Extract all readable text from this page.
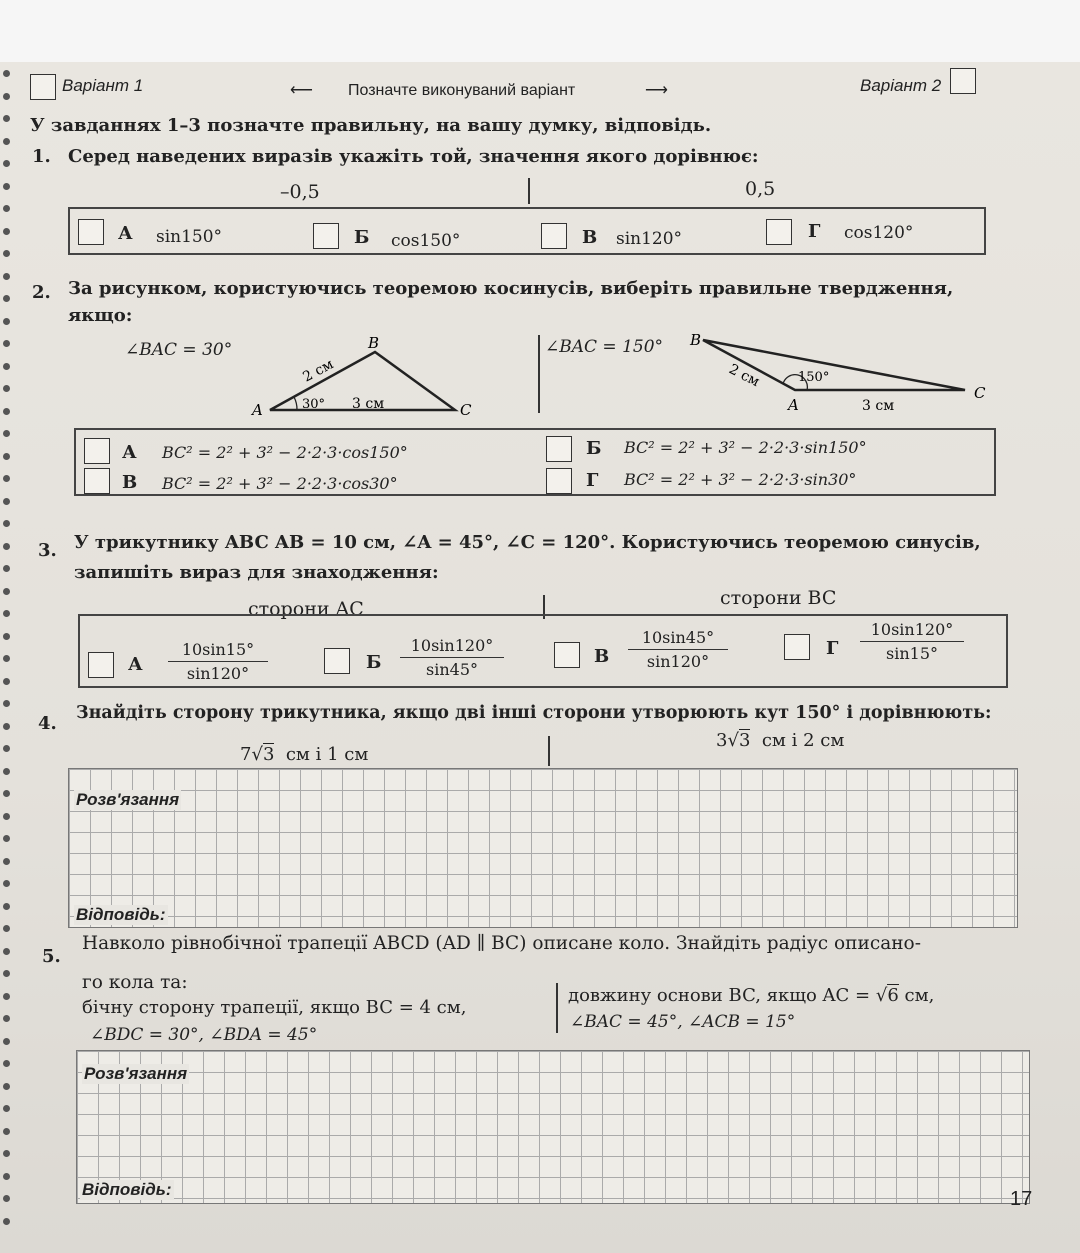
Варіант 1	⟵ Позначте виконуваний варіант	⟶	Варіант 2
У завданнях 1–3 позначте правильну, на вашу думку, відповідь.
1. Серед наведених виразів укажіть той, значення якого дорівнює:
–0,5	0,5
А sin150°	Б cos150°	В sin120°	Г cos120°
2. За рисунком, користуючись теоремою косинусів, виберіть правильне твердження,
якщо:
∠BAC = 30°	∠BAC = 150°
A
B
C
2 см
3 см
30°
B
A
C
2 см
3 см
150°
А BC² = 2² + 3² − 2·2·3·cos150°	Б BC² = 2² + 3² − 2·2·3·sin150°
В BC² = 2² + 3² − 2·2·3·cos30°	Г BC² = 2² + 3² − 2·2·3·sin30°
3. У трикутнику ABC AB = 10 см, ∠A = 45°, ∠C = 120°. Користуючись теоремою синусів,
запишіть вираз для знаходження:
сторони AC	сторони BC
А $\frac{10\sin 15^\circ}{\sin 120^\circ}$	Б $\frac{10\sin 120^\circ}{\sin 45^\circ}$	В $\frac{10\sin 45^\circ}{\sin 120^\circ}$	Г $\frac{10\sin 120^\circ}{\sin 15^\circ}$
4. Знайдіть сторону трикутника, якщо дві інші сторони утворюють кут 150° і дорівнюють:
7√3 см і 1 см
3√3 см і 2 см
Розв'язання
Відповідь:
5.
Навколо рівнобічної трапеції ABCD (AD ∥ BC) описане коло. Знайдіть радіус описано-
го кола та:
бічну сторону трапеції, якщо BC = 4 см,
∠BDC = 30°, ∠BDA = 45°
довжину основи BC, якщо AC = √6 см,
∠BAC = 45°, ∠ACB = 15°
Розв'язання
Відповідь:	17
